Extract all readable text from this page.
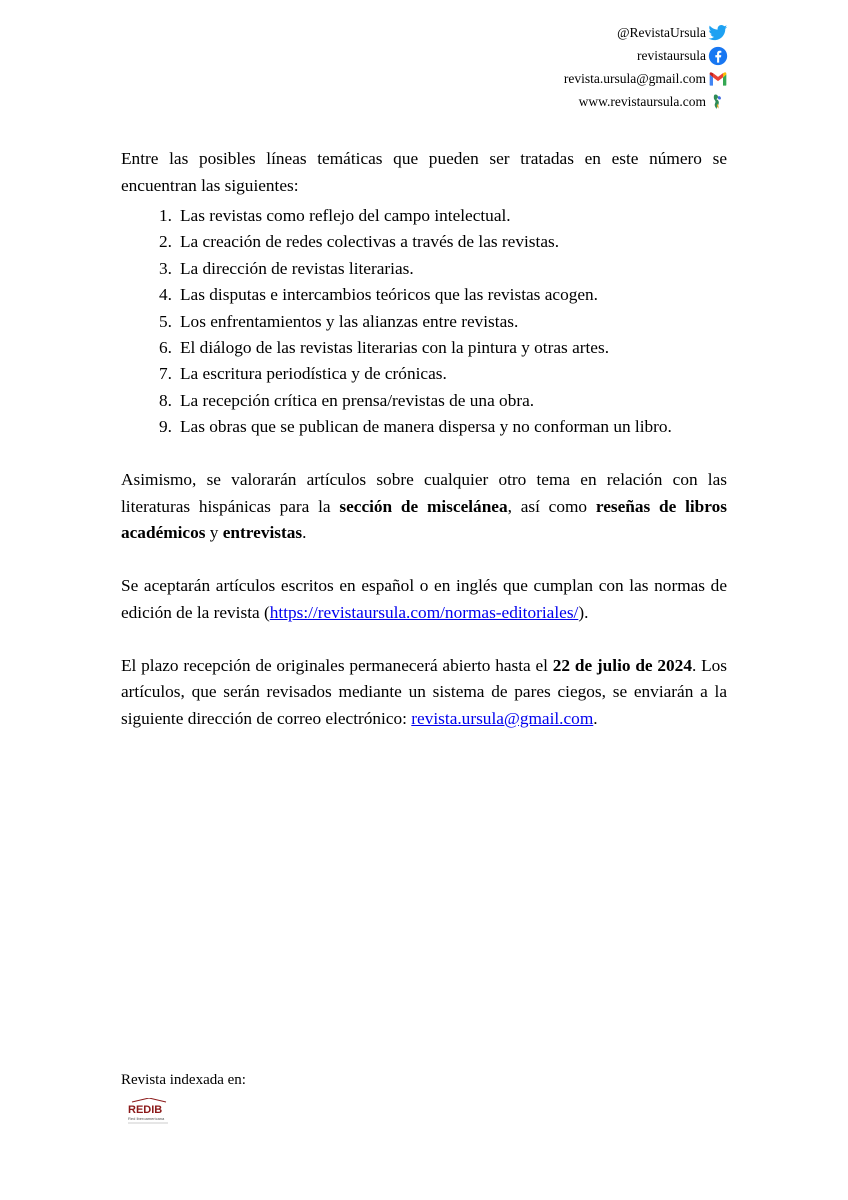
@RevistaUrsula
revistaursula
revista.ursula@gmail.com
www.revistaursula.com

Entre las posibles líneas temáticas que pueden ser tratadas en este número se encuentran las siguientes:

1. Las revistas como reflejo del campo intelectual.
2. La creación de redes colectivas a través de las revistas.
3. La dirección de revistas literarias.
4. Las disputas e intercambios teóricos que las revistas acogen.
5. Los enfrentamientos y las alianzas entre revistas.
6. El diálogo de las revistas literarias con la pintura y otras artes.
7. La escritura periodística y de crónicas.
8. La recepción crítica en prensa/revistas de una obra.
9. Las obras que se publican de manera dispersa y no conforman un libro.

Asimismo, se valorarán artículos sobre cualquier otro tema en relación con las literaturas hispánicas para la sección de miscelánea, así como reseñas de libros académicos y entrevistas.

Se aceptarán artículos escritos en español o en inglés que cumplan con las normas de edición de la revista (https://revistaursula.com/normas-editoriales/).

El plazo recepción de originales permanecerá abierto hasta el 22 de julio de 2024. Los artículos, que serán revisados mediante un sistema de pares ciegos, se enviarán a la siguiente dirección de correo electrónico: revista.ursula@gmail.com.

Revista indexada en:
REDIB
Red Iberoamericana
